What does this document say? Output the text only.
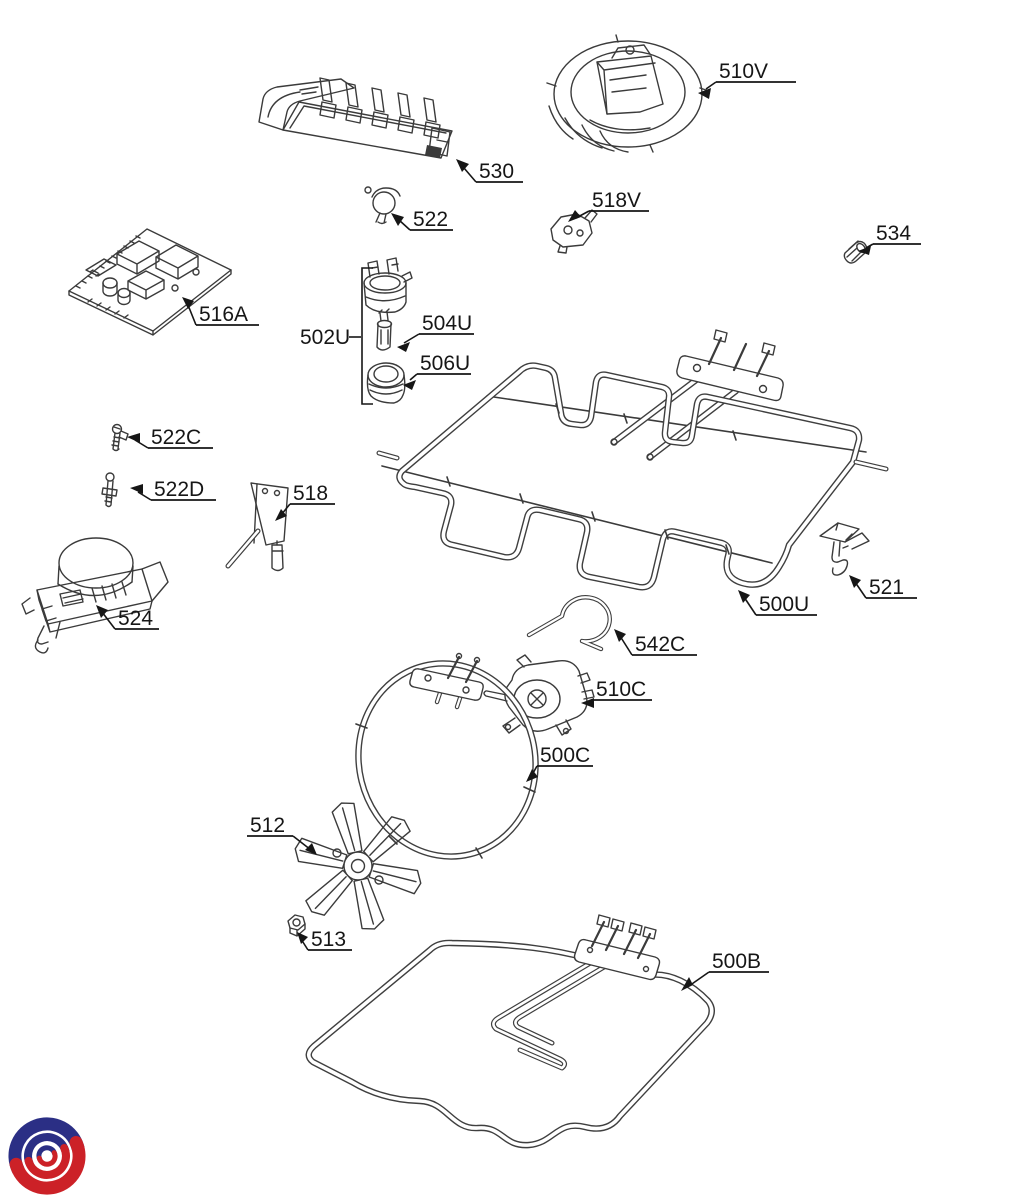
530
510V
522
518V
534
516A
502U
504U
506U
522C
522D	518
524
500U
521
542C
510C
500C
512
513
500B
